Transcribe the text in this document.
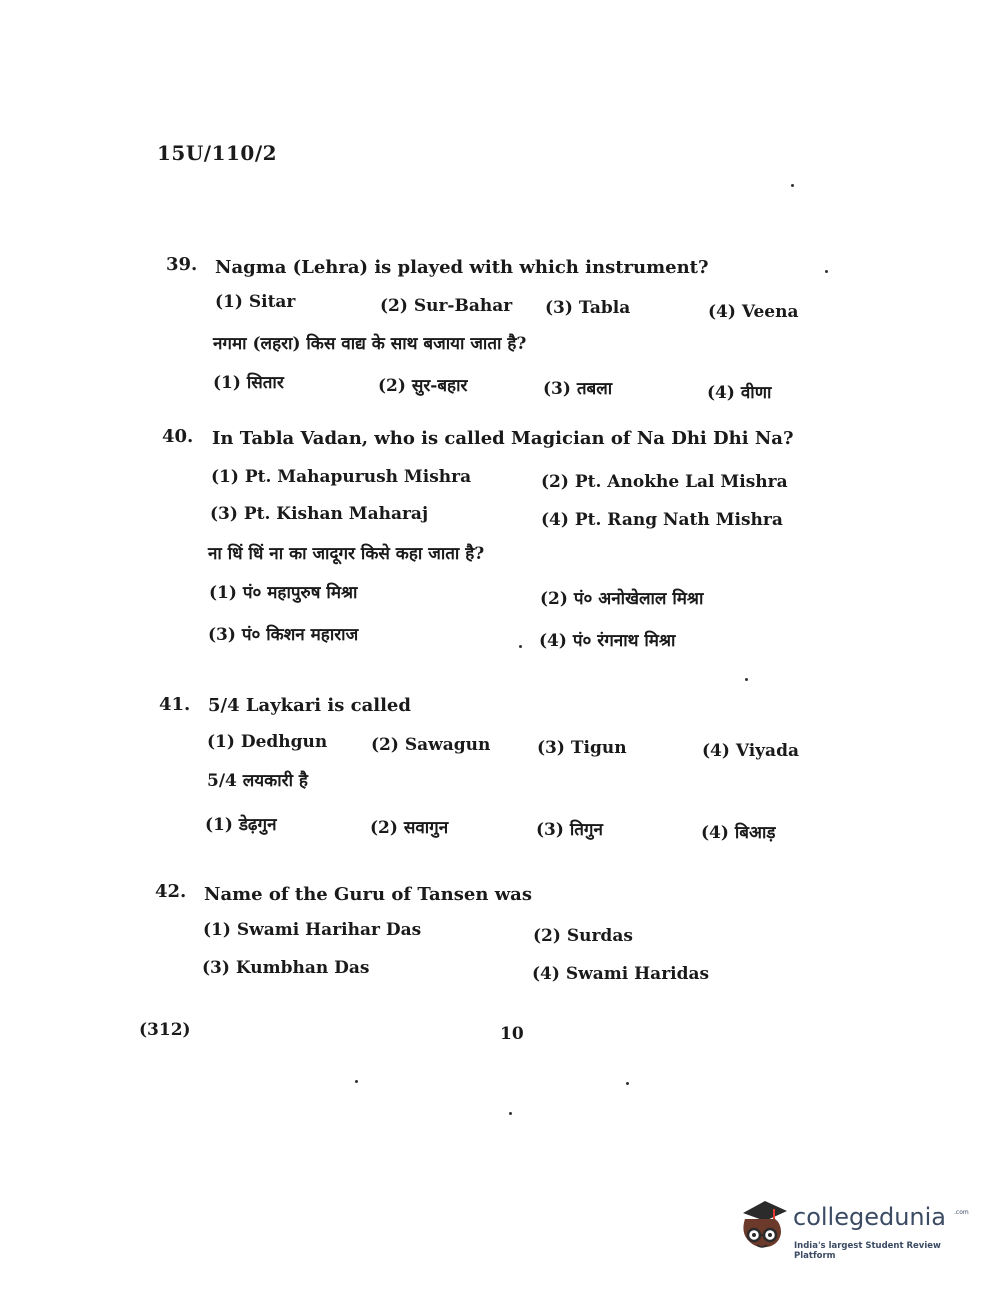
15U/110/2
39. Nagma (Lehra) is played with which instrument?
(1) Sitar	(2) Sur-Bahar (3) Tabla	(4) Veena
नगमा (लहरा) किस वाद्य के साथ बजाया जाता है?
(1) सितार	(2) सुर-बहार	(3) तबला	(4) वीणा
40. In Tabla Vadan, who is called Magician of Na Dhi Dhi Na?
(1) Pt. Mahapurush Mishra	(2) Pt. Anokhe Lal Mishra
(3) Pt. Kishan Maharaj	(4) Pt. Rang Nath Mishra
ना धिं धिं ना का जादूगर किसे कहा जाता है?
(1) पं० महापुरुष मिश्रा	(2) पं० अनोखेलाल मिश्रा
(3) पं० किशन महाराज	(4) पं० रंगनाथ मिश्रा
41. 5/4 Laykari is called
(1) Dedhgun	(2) Sawagun	(3) Tigun	(4) Viyada
5/4 लयकारी है
(1) डेढ़गुन	(2) सवागुन	(3) तिगुन	(4) बिआड़
42. Name of the Guru of Tansen was
(1) Swami Harihar Das	(2) Surdas
(3) Kumbhan Das	(4) Swami Haridas
(312)	10
collegedunia .com
India's largest Student Review Platform
